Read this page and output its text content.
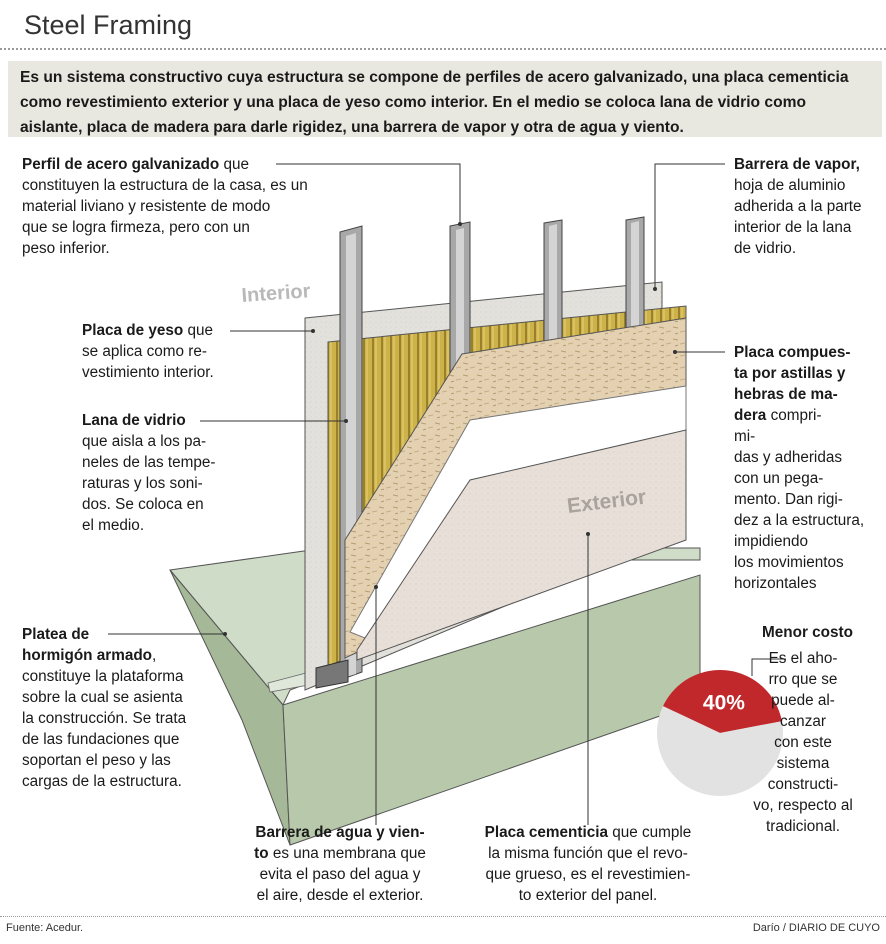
Steel Framing
Es un sistema constructivo cuya estructura se compone de perfiles de acero galvanizado, una placa cementicia como revestimiento exterior y una placa de yeso como interior. En el medio se coloca lana de vidrio como aislante, placa de madera para darle rigidez, una barrera de vapor y otra de agua y viento.
Interior
Exterior
40%
Perfil de acero galvanizado que
constituyen la estructura de la casa, es un
material liviano y resistente de modo
que se logra firmeza, pero con un
peso inferior.
Placa de yeso que
se aplica como re-
vestimiento interior.
Lana de vidrio
que aisla a los pa-
neles de las tempe-
raturas y los soni-
dos. Se coloca en
el medio.
Platea de
hormigón armado,
constituye la plataforma
sobre la cual se asienta
la construcción. Se trata
de las fundaciones que
soportan el peso y las
cargas de la estructura.
Barrera de vapor,
hoja de aluminio
adherida a la parte
interior de la lana
de vidrio.
Placa compues-
ta por astillas y
hebras de ma-
dera compri-
mi-
das y adheridas
con un pega-
mento. Dan rigi-
dez a la estructura,
impidiendo
los movimientos
horizontales
Barrera de agua y vien-
to es una membrana que
evita el paso del agua y
el aire, desde el exterior.
Placa cementicia que cumple
la misma función que el revo-
que grueso, es el revestimien-
to exterior del panel.
Menor costo
Es el aho-
rro que se
puede al-
canzar
con este
sistema
constructi-
vo, respecto al
tradicional.
Fuente: Acedur.	Darío / DIARIO DE CUYO
